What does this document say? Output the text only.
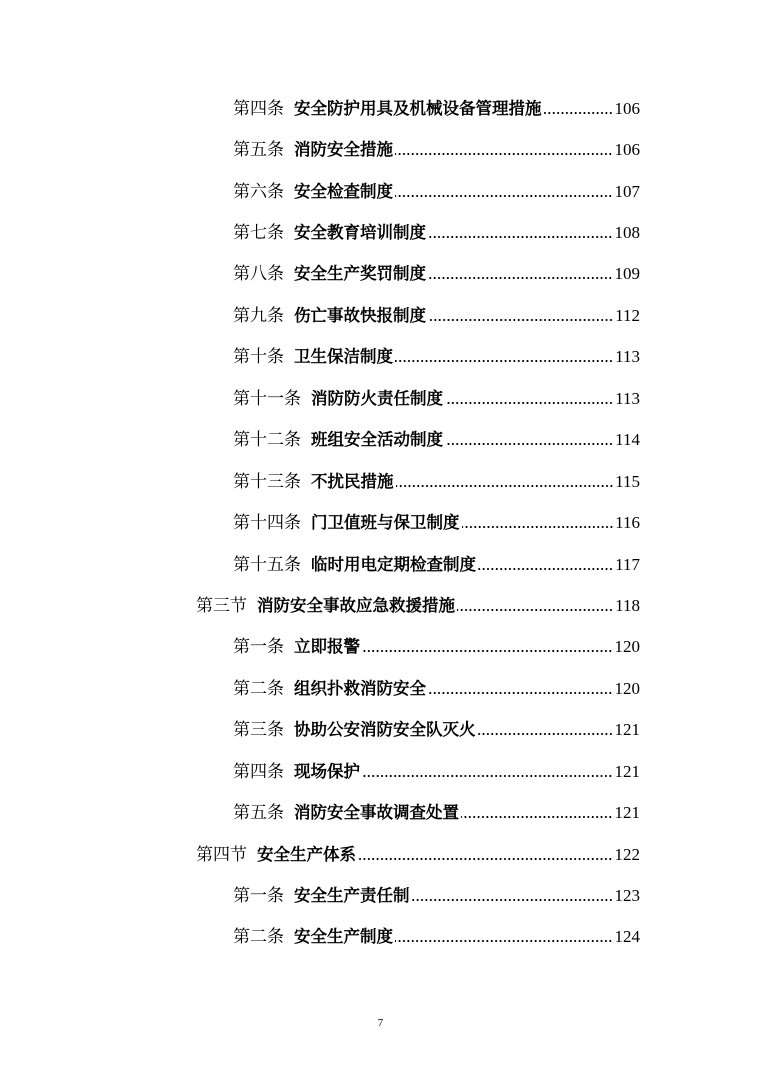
第四条 安全防护用具及机械设备管理措施	106
第五条 消防安全措施	106
第六条 安全检查制度	107
第七条 安全教育培训制度	108
第八条 安全生产奖罚制度	109
第九条 伤亡事故快报制度	112
第十条 卫生保洁制度	113
第十一条 消防防火责任制度	113
第十二条 班组安全活动制度	114
第十三条 不扰民措施	115
第十四条 门卫值班与保卫制度	116
第十五条 临时用电定期检查制度	117
第三节 消防安全事故应急救援措施	118
第一条 立即报警	120
第二条 组织扑救消防安全	120
第三条 协助公安消防安全队灭火	121
第四条 现场保护	121
第五条 消防安全事故调查处置	121
第四节 安全生产体系	122
第一条 安全生产责任制	123
第二条 安全生产制度	124
7
